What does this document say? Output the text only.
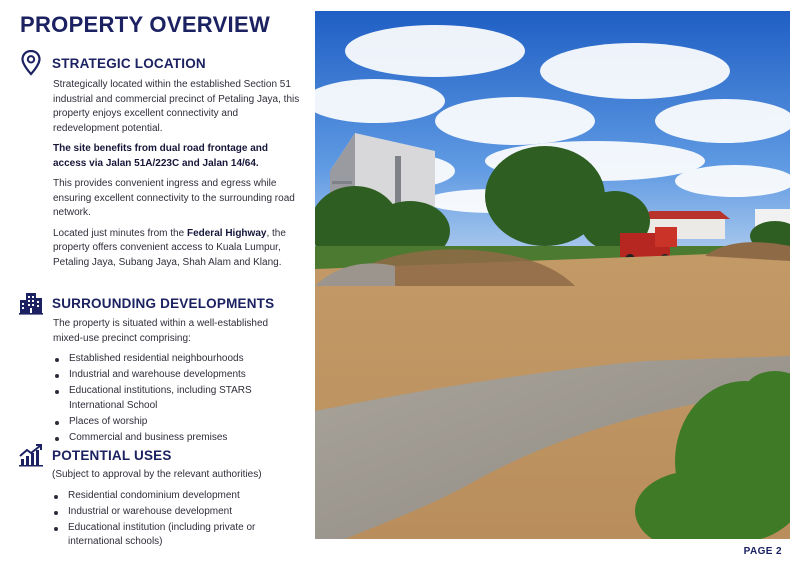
PROPERTY OVERVIEW
STRATEGIC LOCATION

Strategically located within the established Section 51 industrial and commercial precinct of Petaling Jaya, this property enjoys excellent connectivity and redevelopment potential.

The site benefits from dual road frontage and access via Jalan 51A/223C and Jalan 14/64.

This provides convenient ingress and egress while ensuring excellent connectivity to the surrounding road network.

Located just minutes from the Federal Highway, the property offers convenient access to Kuala Lumpur, Petaling Jaya, Subang Jaya, Shah Alam and Klang.

SURROUNDING DEVELOPMENTS

The property is situated within a well-established mixed-use precinct comprising:

Established residential neighbourhoods
Industrial and warehouse developments
Educational institutions, including STARS International School
Places of worship
Commercial and business premises
POTENTIAL USES

(Subject to approval by the relevant authorities)

Residential condominium development
Industrial or warehouse development
Educational institution (including private or international schools)
PAGE 2
